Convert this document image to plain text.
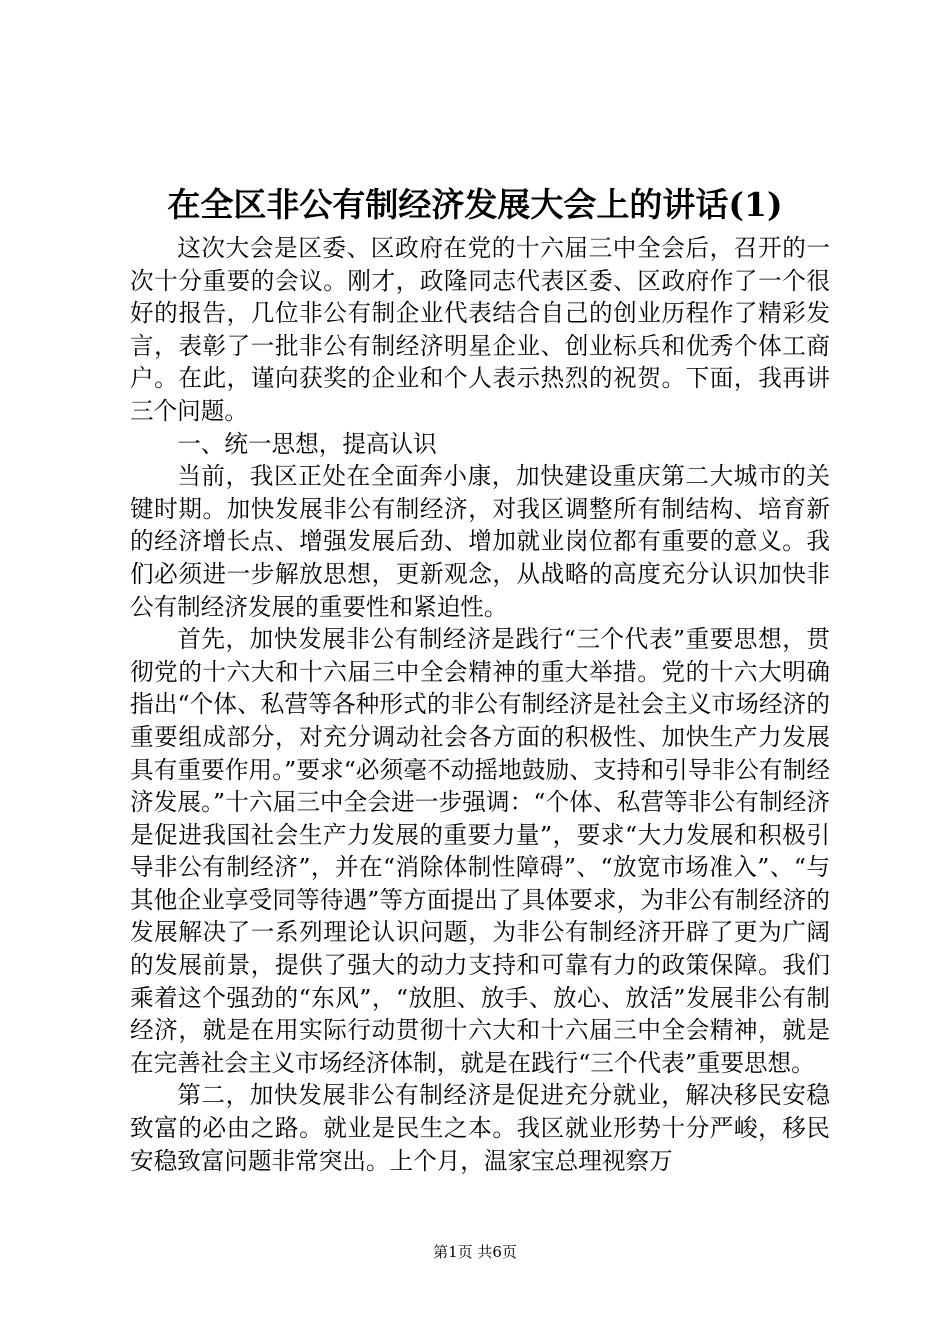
在全区非公有制经济发展大会上的讲话(1)

这次大会是区委、区政府在党的十六届三中全会后，召开的一次十分重要的会议。刚才，政隆同志代表区委、区政府作了一个很好的报告，几位非公有制企业代表结合自己的创业历程作了精彩发言，表彰了一批非公有制经济明星企业、创业标兵和优秀个体工商户。在此，谨向获奖的企业和个人表示热烈的祝贺。下面，我再讲三个问题。

一、统一思想，提高认识

当前，我区正处在全面奔小康，加快建设重庆第二大城市的关键时期。加快发展非公有制经济，对我区调整所有制结构、培育新的经济增长点、增强发展后劲、增加就业岗位都有重要的意义。我们必须进一步解放思想，更新观念，从战略的高度充分认识加快非公有制经济发展的重要性和紧迫性。

首先，加快发展非公有制经济是践行“三个代表”重要思想，贯彻党的十六大和十六届三中全会精神的重大举措。党的十六大明确指出“个体、私营等各种形式的非公有制经济是社会主义市场经济的重要组成部分，对充分调动社会各方面的积极性、加快生产力发展具有重要作用。”要求“必须毫不动摇地鼓励、支持和引导非公有制经济发展。”十六届三中全会进一步强调：“个体、私营等非公有制经济是促进我国社会生产力发展的重要力量”，要求“大力发展和积极引导非公有制经济”，并在“消除体制性障碍”、“放宽市场准入”、“与其他企业享受同等待遇”等方面提出了具体要求，为非公有制经济的发展解决了一系列理论认识问题，为非公有制经济开辟了更为广阔的发展前景，提供了强大的动力支持和可靠有力的政策保障。我们乘着这个强劲的“东风”，“放胆、放手、放心、放活”发展非公有制经济，就是在用实际行动贯彻十六大和十六届三中全会精神，就是在完善社会主义市场经济体制，就是在践行“三个代表”重要思想。

第二，加快发展非公有制经济是促进充分就业，解决移民安稳致富的必由之路。就业是民生之本。我区就业形势十分严峻，移民安稳致富问题非常突出。上个月，温家宝总理视察万

第1页 共6页
